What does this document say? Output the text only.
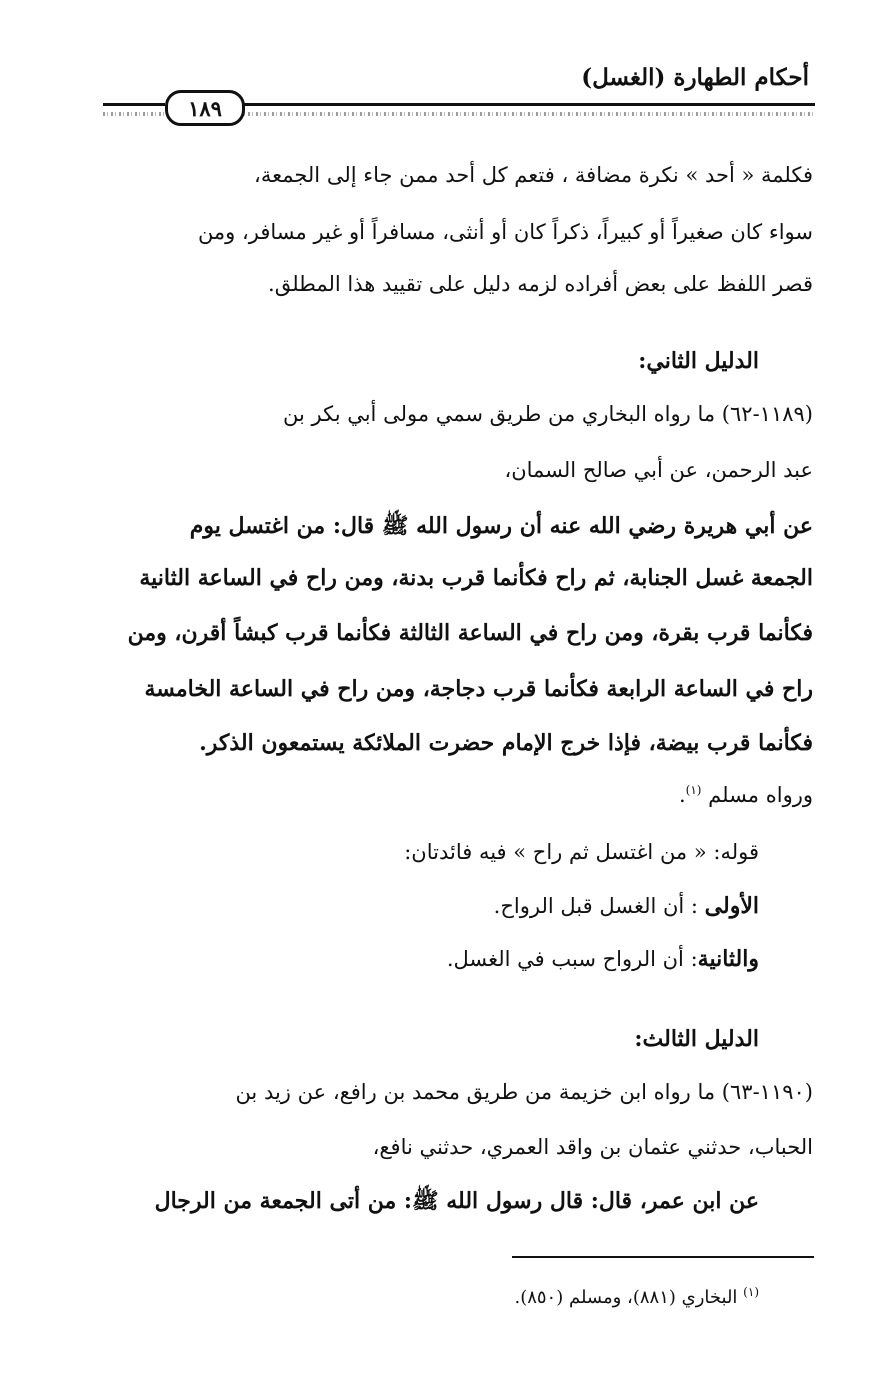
أحكام الطهارة (الغسل)
١٨٩
فكلمة « أحد » نكرة مضافة ، فتعم كل أحد ممن جاء إلى الجمعة،
سواء كان صغيراً أو كبيراً، ذكراً كان أو أنثى، مسافراً أو غير مسافر، ومن
قصر اللفظ على بعض أفراده لزمه دليل على تقييد هذا المطلق.
الدليل الثاني:
(١١٨٩-٦٢) ما رواه البخاري من طريق سمي مولى أبي بكر بن
عبد الرحمن، عن أبي صالح السمان،
عن أبي هريرة رضي الله عنه أن رسول الله ﷺ قال: من اغتسل يوم
الجمعة غسل الجنابة، ثم راح فكأنما قرب بدنة، ومن راح في الساعة الثانية
فكأنما قرب بقرة، ومن راح في الساعة الثالثة فكأنما قرب كبشاً أقرن، ومن
راح في الساعة الرابعة فكأنما قرب دجاجة، ومن راح في الساعة الخامسة
فكأنما قرب بيضة، فإذا خرج الإمام حضرت الملائكة يستمعون الذكر.
ورواه مسلم $^{(١)}$.
قوله: « من اغتسل ثم راح » فيه فائدتان:
الأولى : أن الغسل قبل الرواح.
والثانية: أن الرواح سبب في الغسل.
الدليل الثالث:
(١١٩٠-٦٣) ما رواه ابن خزيمة من طريق محمد بن رافع، عن زيد بن
الحباب، حدثني عثمان بن واقد العمري، حدثني نافع،
عن ابن عمر، قال: قال رسول الله ﷺ: من أتى الجمعة من الرجال
$^{(١)}$ البخاري (٨٨١)، ومسلم (٨٥٠).
